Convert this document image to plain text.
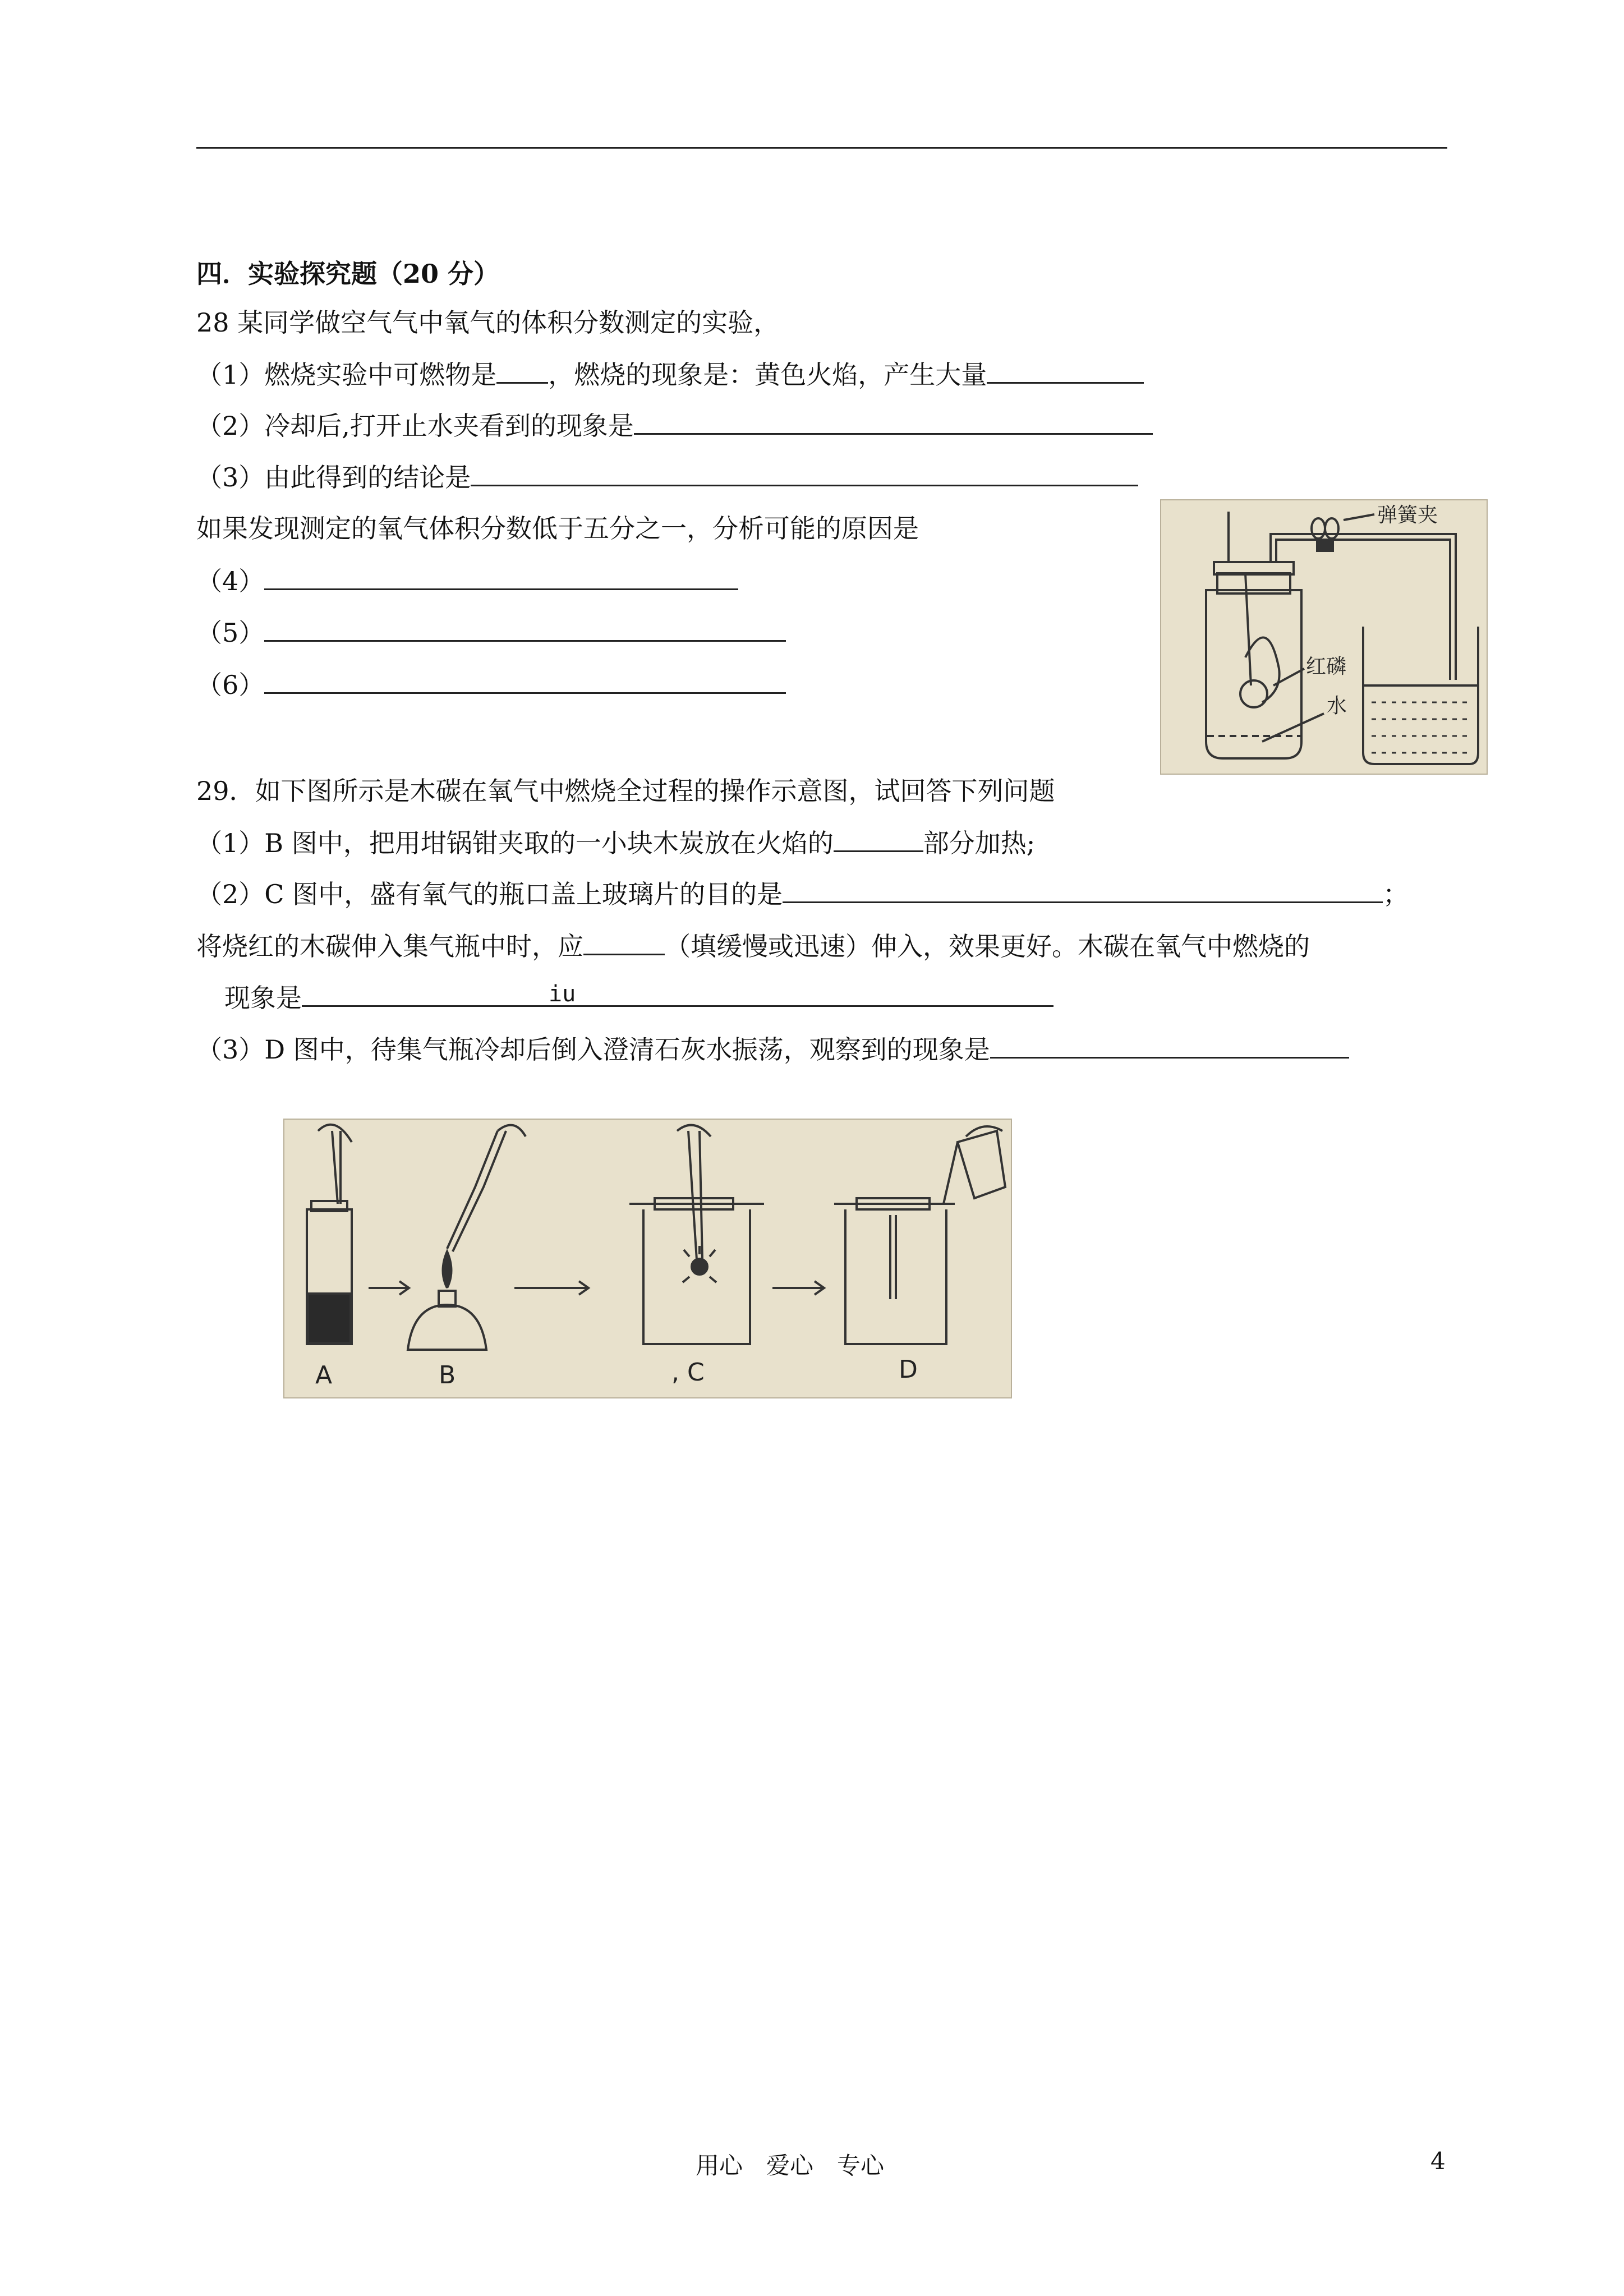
四．实验探究题（20 分）
28 某同学做空气气中氧气的体积分数测定的实验，
（1）燃烧实验中可燃物是 ，燃烧的现象是：黄色火焰，产生大量
（2）冷却后,打开止水夹看到的现象是
（3）由此得到的结论是
如果发现测定的氧气体积分数低于五分之一，分析可能的原因是
（4）
（5）
（6）
弹簧夹
红磷
水
29．如下图所示是木碳在氧气中燃烧全过程的操作示意图，试回答下列问题
（1）B 图中，把用坩锅钳夹取的一小块木炭放在火焰的	部分加热;
（2）C 图中，盛有氧气的瓶口盖上玻璃片的目的是	；
将烧红的木碳伸入集气瓶中时，应	（填缓慢或迅速）伸入，效果更好。木碳在氧气中燃烧的
现象是	iu
（3）D 图中，待集气瓶冷却后倒入澄清石灰水振荡，观察到的现象是
A	B	, C	D
用心　爱心　专心	4
